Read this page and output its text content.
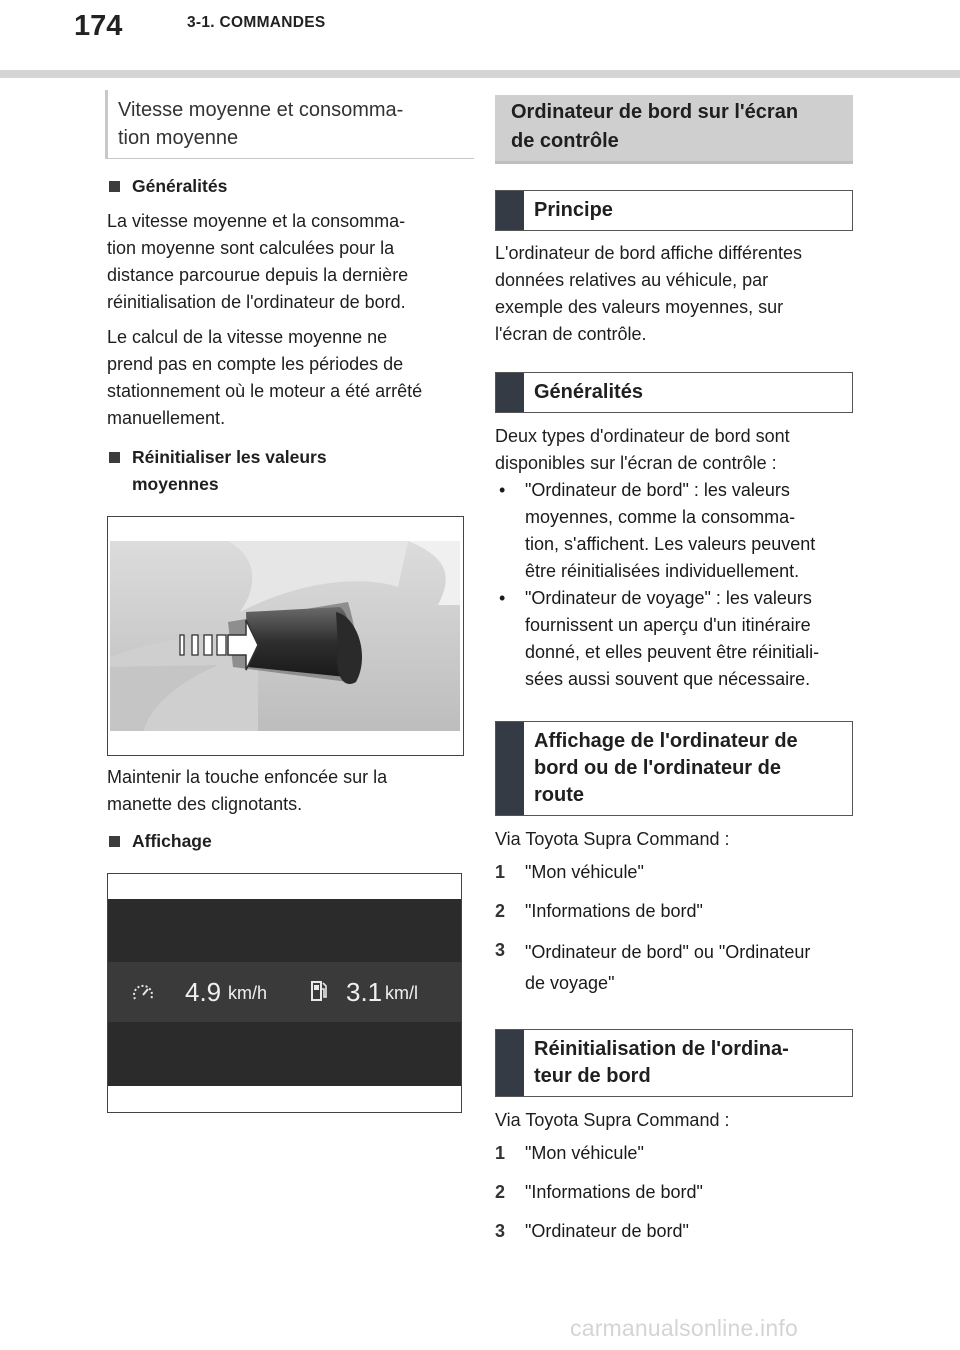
174	3-1. COMMANDES
Vitesse moyenne et consomma-
tion moyenne
Généralités

La vitesse moyenne et la consomma-
tion moyenne sont calculées pour la
distance parcourue depuis la dernière
réinitialisation de l'ordinateur de bord.

Le calcul de la vitesse moyenne ne
prend pas en compte les périodes de
stationnement où le moteur a été arrêté
manuellement.

Réinitialiser les valeurs
moyennes

Maintenir la touche enfoncée sur la
manette des clignotants.

Affichage
4.9 km/h	3.1 km/l
Ordinateur de bord sur l'écran
de contrôle
Principe

L'ordinateur de bord affiche différentes
données relatives au véhicule, par
exemple des valeurs moyennes, sur
l'écran de contrôle.

Généralités

Deux types d'ordinateur de bord sont
disponibles sur l'écran de contrôle :

•	"Ordinateur de bord" : les valeurs
moyennes, comme la consomma-
tion, s'affichent. Les valeurs peuvent
être réinitialisées individuellement.
•	"Ordinateur de voyage" : les valeurs
fournissent un aperçu d'un itinéraire
donné, et elles peuvent être réinitiali-
sées aussi souvent que nécessaire.
Affichage de l'ordinateur de
bord ou de l'ordinateur de
route

Via Toyota Supra Command :

1	"Mon véhicule"
2	"Informations de bord"
3	"Ordinateur de bord" ou "Ordinateur
de voyage"
Réinitialisation de l'ordina-
teur de bord

Via Toyota Supra Command :

1	"Mon véhicule"
2	"Informations de bord"
3	"Ordinateur de bord"
carmanualsonline.info
